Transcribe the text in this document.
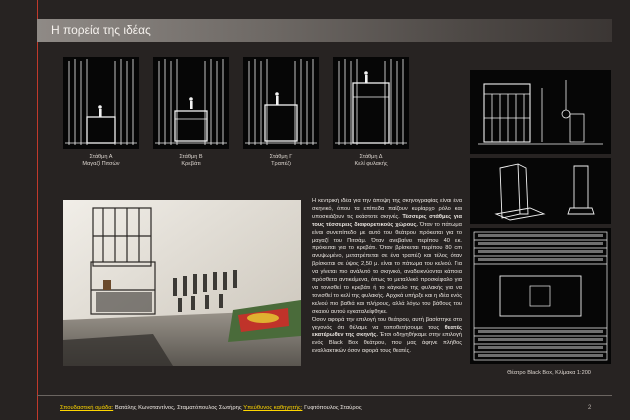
Η πορεία της ιδέας
Στάθμη Α
Μαγαζί Πιτσών
Στάθμη Β
Κρεβάτι
Στάθμη Γ
Τραπέζι
Στάθμη Δ
Κελί φυλακής
Η κεντρική ιδέα για την άποψη της σκηνογραφίας είναι ένα σκηνικό, όπου τα επίπεδα παίζουν κυρίαρχο ρόλο και υποσκιάζουν τις εκάστοτε σκηνές. Τέσσερις στάθμες για τους τέσσερεις διαφορετικούς χώρους. Όταν το πάτωμα είναι συνεπίπεδο με αυτό του θεάτρου πρόκειται για το μαγαζί του Πιτσάμ. Όταν ανεβαίνει περίπου 40 εκ. πρόκειται για το κρεβάτι. Όταν βρίσκεται περίπου 80 cm ανυψωμένο, μετατρέπεται σε ένα τραπέζι και τέλος όταν βρίσκεται σε ύψος 2,50 μ. είναι το πάτωμα του κελιού. Για να γίνεται πιο ανάλυτό το σκηνικό, αναδεικνύονται κάποια πρόσθετα αντικείμενα, όπως το μεταλλικό προσκέφαλο για να τονισθεί το κρεβάτι ή το κάγκελο της φυλακής για να τονισθεί το κελί της φυλακής. Αρχικά υπήρξε και η ιδέα ενός κελιού πιο βαθιά και πλήρους, αλλά λόγω του βάθους του σκαιού αυτού εγκαταλείφθηκε.
Όσον αφορά την επιλογή του θεάτρου, αυτή βασίστηκε στο γεγονός ότι θέλαμε να τοποθετήσουμε τους θεατές εκατέρωθεν της σκηνής. Έτσι οδηγηθήκαμε στην επιλογή ενός Black Box θεάτρου, που μας άφηνε πλήθος εναλλακτικών όσον αφορά τους θεατές.
Θέατρο Black Box, Κλίμακα 1:200
Σπουδαστική ομάδα: Βατάλης Κωνσταντίνος, Σταματόπουλος Σωτήρης Υπεύθυνος καθηγητής: Γυφτόπουλος Σταύρος	2
